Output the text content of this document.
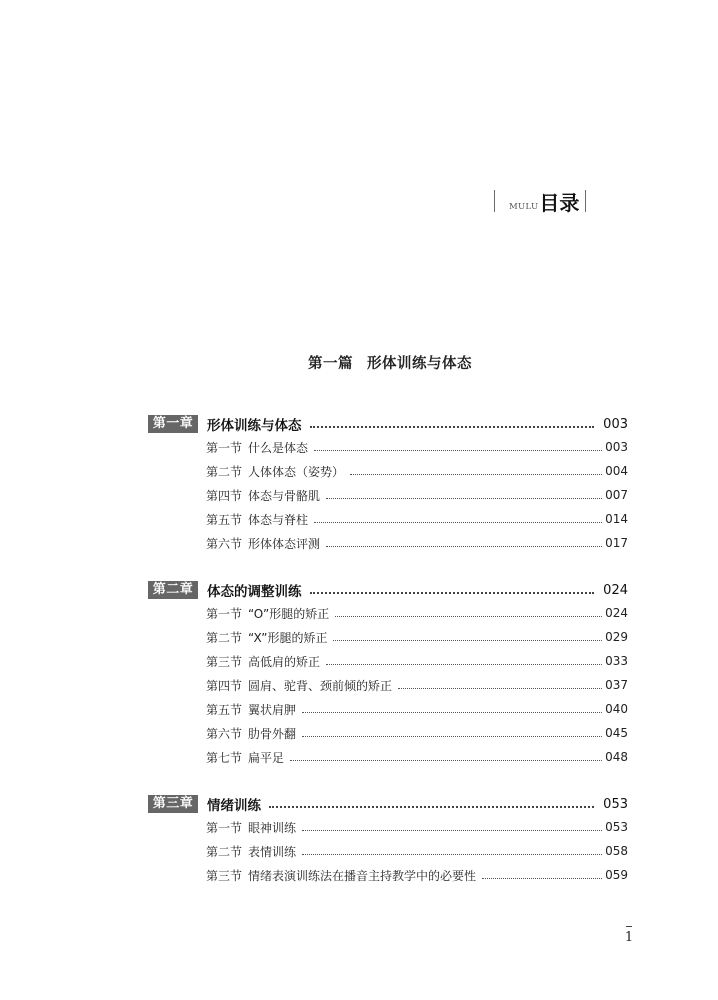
MULU 目录
第一篇 形体训练与体态
第一章	形体训练与体态	003
第一节 什么是体态	003
第二节 人体体态（姿势）	004
第四节 体态与骨骼肌	007
第五节 体态与脊柱	014
第六节 形体体态评测	017
第二章	体态的调整训练	024
第一节 “O”形腿的矫正	024
第二节 “X”形腿的矫正	029
第三节 高低肩的矫正	033
第四节 圆肩、驼背、颈前倾的矫正	037
第五节 翼状肩胛	040
第六节 肋骨外翻	045
第七节 扁平足	048
第三章	情绪训练	053
第一节 眼神训练	053
第二节 表情训练	058
第三节 情绪表演训练法在播音主持教学中的必要性	059
1
